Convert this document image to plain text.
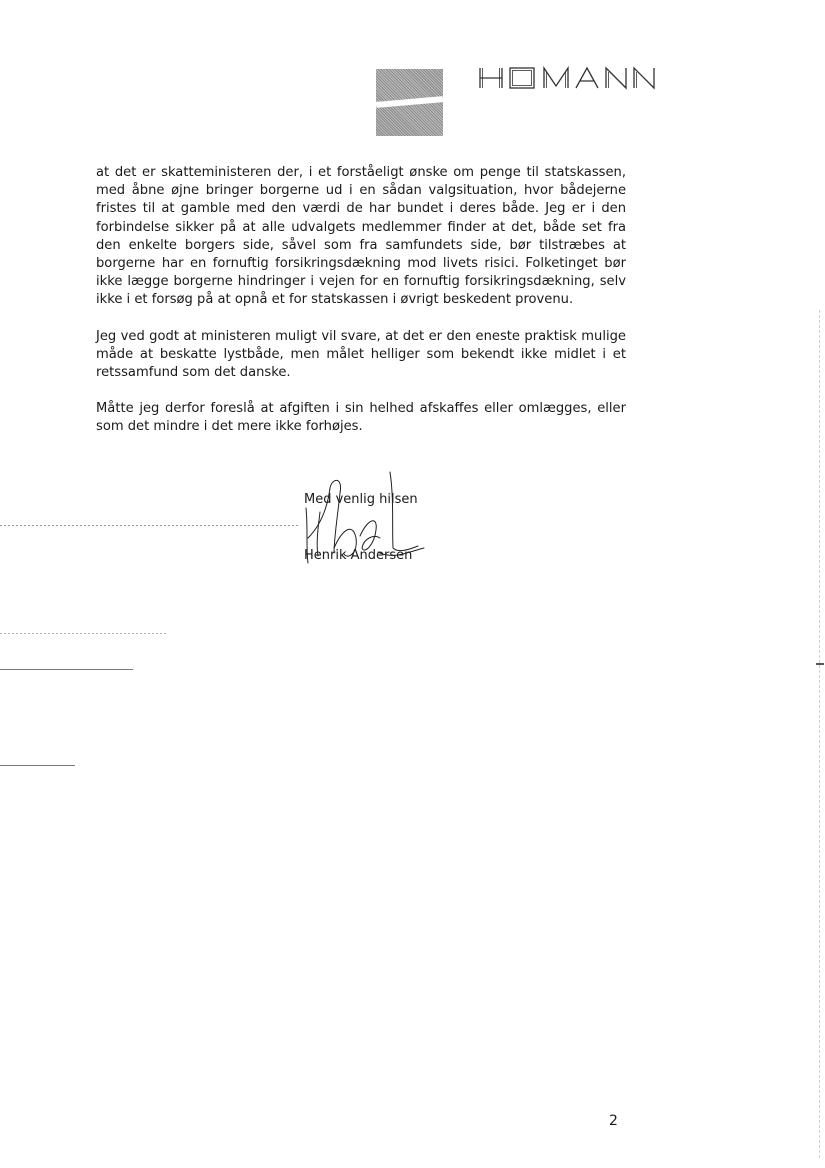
HOMANN

at det er skatteministeren der, i et forståeligt ønske om penge til statskassen, med åbne øjne bringer borgerne ud i en sådan valgsituation, hvor bådejerne fristes til at gamble med den værdi de har bundet i deres både. Jeg er i den forbindelse sikker på at alle udvalgets medlemmer finder at det, både set fra den enkelte borgers side, såvel som fra samfundets side, bør tilstræbes at borgerne har en fornuftig forsikringsdækning mod livets risici. Folketinget bør ikke lægge borgerne hindringer i vejen for en fornuftig forsikringsdækning, selv ikke i et forsøg på at opnå et for statskassen i øvrigt beskedent provenu.

Jeg ved godt at ministeren muligt vil svare, at det er den eneste praktisk mulige måde at beskatte lystbåde, men målet helliger som bekendt ikke midlet i et retssamfund som det danske.

Måtte jeg derfor foreslå at afgiften i sin helhed afskaffes eller omlægges, eller som det mindre i det mere ikke forhøjes.

Med venlig hilsen
Henrik Andersen
2
